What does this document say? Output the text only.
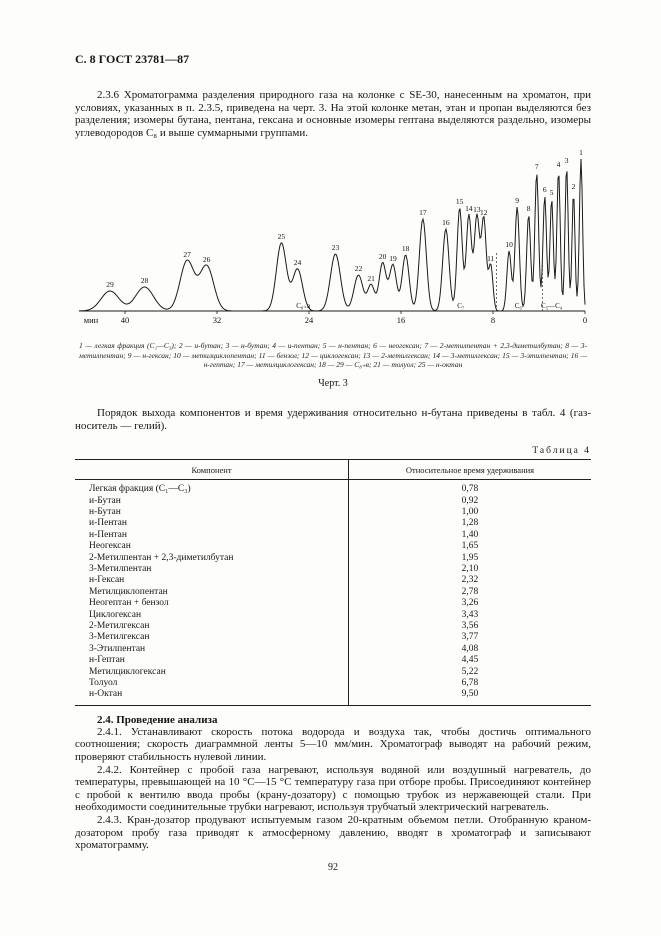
С. 8 ГОСТ 23781—87

2.3.6 Хроматограмма разделения природного газа на колонке с SE-30, нанесенным на хроматон, при условиях, указанных в п. 2.3.5, приведена на черт. 3. На этой колонке метан, этан и пропан выделяются без разделения; изомеры бутана, пентана, гексана и основные изомеры гептана выделяются раздельно, изомеры углеводородов С₈ и выше суммарными группами.

40	32	24	16	8	0
мин
С₈₊в	С₇	С₆	С₅—С₄
1
2
3
4
5
6
7
8
9
10
11
12
13
14
15
16
17
18
19
20
21
22
23
24
25
26
27
28
29
1 — легкая фракция (С₁—С₃); 2 — и-бутан; 3 — н-бутан; 4 — и-пентан; 5 — н-пентан; 6 — неогексан; 7 — 2-метилпентан + 2,3-диметилбутан; 8 — 3-метилпентан; 9 — н-гексан; 10 — метилциклопентан; 11 — бензол; 12 — циклогексан; 13 — 2-метилгексан; 14 — 3-метилгексан; 15 — 3-этилпентан; 16 — н-гептан; 17 — метилциклогексан; 18 — 29 — С₈₊в; 21 — толуол; 25 — н-октан
Черт. 3

Порядок выхода компонентов и время удерживания относительно н-бутана приведены в табл. 4 (газ-носитель — гелий).

Таблица 4
Компонент	Относительное время удерживания
Легкая фракция (С₁—С₃)	0,78
и-Бутан	0,92
н-Бутан	1,00
и-Пентан	1,28
н-Пентан	1,40
Неогексан	1,65
2-Метилпентан + 2,3-диметилбутан	1,95
3-Метилпентан	2,10
н-Гексан	2,32
Метилциклопентан	2,78
Неогептан + бензол	3,26
Циклогексан	3,43
2-Метилгексан	3,56
3-Метилгексан	3,77
3-Этилпентан	4,08
н-Гептан	4,45
Метилциклогексан	5,22
Толуол	6,78
н-Октан	9,50

2.4. Проведение анализа

2.4.1. Устанавливают скорость потока водорода и воздуха так, чтобы достичь оптимального соотношения; скорость диаграммной ленты 5—10 мм/мин. Хроматограф выводят на рабочий режим, проверяют стабильность нулевой линии.

2.4.2. Контейнер с пробой газа нагревают, используя водяной или воздушный нагреватель, до температуры, превышающей на 10 °С—15 °С температуру газа при отборе пробы. Присоединяют контейнер с пробой к вентилю ввода пробы (крану-дозатору) с помощью трубок из нержавеющей стали. При необходимости соединительные трубки нагревают, используя трубчатый электрический нагреватель.

2.4.3. Кран-дозатор продувают испытуемым газом 20-кратным объемом петли. Отобранную краном-дозатором пробу газа приводят к атмосферному давлению, вводят в хроматограф и записывают хроматограмму.

92
